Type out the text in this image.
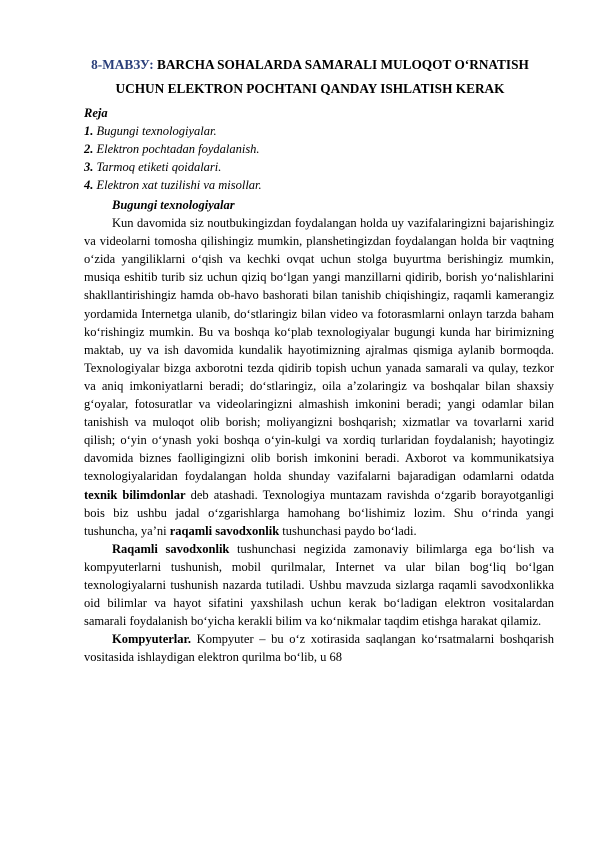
8-МАВЗУ: BARCHA SOHALARDA SAMARALI MULOQOT O‘RNATISH
UCHUN ELEKTRON POCHTANI QANDAY ISHLATISH KERAK
Reja
1. Bugungi texnologiyalar.
2. Elektron pochtadan foydalanish.
3. Tarmoq etiketi qoidalari.
4. Elektron xat tuzilishi va misollar.
Bugungi texnologiyalar

Kun davomida siz noutbukingizdan foydalangan holda uy vazifalaringizni bajarishingiz va videolarni tomosha qilishingiz mumkin, planshetingizdan foydalangan holda bir vaqtning o‘zida yangiliklarni o‘qish va kechki ovqat uchun stolga buyurtma berishingiz mumkin, musiqa eshitib turib siz uchun qiziq bo‘lgan yangi manzillarni qidirib, borish yo‘nalishlarini shakllantirishingiz hamda ob-havo bashorati bilan tanishib chiqishingiz, raqamli kamerangiz yordamida Internetga ulanib, do‘stlaringiz bilan video va fotorasmlarni onlayn tarzda baham ko‘rishingiz mumkin. Bu va boshqa ko‘plab texnologiyalar bugungi kunda har birimizning maktab, uy va ish davomida kundalik hayotimizning ajralmas qismiga aylanib bormoqda. Texnologiyalar bizga axborotni tezda qidirib topish uchun yanada samarali va qulay, tezkor va aniq imkoniyatlarni beradi; do‘stlaringiz, oila a’zolaringiz va boshqalar bilan shaxsiy g‘oyalar, fotosuratlar va videolaringizni almashish imkonini beradi; yangi odamlar bilan tanishish va muloqot olib borish; moliyangizni boshqarish; xizmatlar va tovarlarni xarid qilish; o‘yin o‘ynash yoki boshqa o‘yin-kulgi va xordiq turlaridan foydalanish; hayotingiz davomida biznes faolligingizni olib borish imkonini beradi. Axborot va kommunikatsiya texnologiyalaridan foydalangan holda shunday vazifalarni bajaradigan odamlarni odatda texnik bilimdonlar deb atashadi. Texnologiya muntazam ravishda o‘zgarib borayotganligi bois biz ushbu jadal o‘zgarishlarga hamohang bo‘lishimiz lozim. Shu o‘rinda yangi tushuncha, ya’ni raqamli savodxonlik tushunchasi paydo bo‘ladi.

Raqamli savodxonlik tushunchasi negizida zamonaviy bilimlarga ega bo‘lish va kompyuterlarni tushunish, mobil qurilmalar, Internet va ular bilan bog‘liq bo‘lgan texnologiyalarni tushunish nazarda tutiladi. Ushbu mavzuda sizlarga raqamli savodxonlikka oid bilimlar va hayot sifatini yaxshilash uchun kerak bo‘ladigan elektron vositalardan samarali foydalanish bo‘yicha kerakli bilim va ko‘nikmalar taqdim etishga harakat qilamiz.

Kompyuterlar. Kompyuter – bu o‘z xotirasida saqlangan ko‘rsatmalarni boshqarish vositasida ishlaydigan elektron qurilma bo‘lib, u 68
